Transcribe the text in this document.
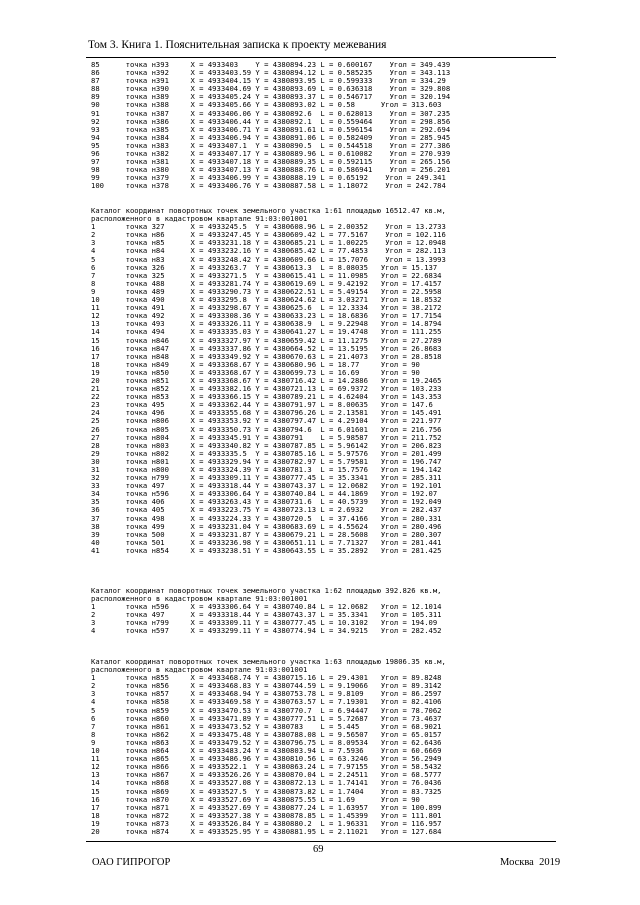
Том 3. Книга 1. Пояснительная записка к проекту межевания
85      точка н393     X = 4933403    Y = 4380894.23 L = 0.600167    Угол = 349.439
86      точка н392     X = 4933403.59 Y = 4380894.12 L = 0.585235    Угол = 343.113
87      точка н391     X = 4933404.15 Y = 4380893.95 L = 0.599333    Угол = 334.29
88      точка н390     X = 4933404.69 Y = 4380893.69 L = 0.636318    Угол = 329.808
89      точка н389     X = 4933405.24 Y = 4380893.37 L = 0.546717    Угол = 320.194
90      точка н388     X = 4933405.66 Y = 4380893.02 L = 0.58      Угол = 313.603
91      точка н387     X = 4933406.06 Y = 4380892.6  L = 0.628013    Угол = 307.235
92      точка н386     X = 4933406.44 Y = 4380892.1  L = 0.559464    Угол = 298.856
93      точка н385     X = 4933406.71 Y = 4380891.61 L = 0.596154    Угол = 292.694
94      точка н384     X = 4933406.94 Y = 4380891.06 L = 0.582409    Угол = 285.945
95      точка н383     X = 4933407.1  Y = 4380890.5  L = 0.544518    Угол = 277.386
96      точка н382     X = 4933407.17 Y = 4380889.96 L = 0.610082    Угол = 270.939
97      точка н381     X = 4933407.18 Y = 4380889.35 L = 0.592115    Угол = 265.156
98      точка н380     X = 4933407.13 Y = 4380888.76 L = 0.586941    Угол = 256.201
99      точка н379     X = 4933406.99 Y = 4380888.19 L = 0.65192    Угол = 249.341
100     точка н378     X = 4933406.76 Y = 4380887.58 L = 1.18072    Угол = 242.784
Каталог координат поворотных точек земельного участка 1:61 площадью 16512.47 кв.м,
расположенного в кадастровом квартале 91:03:001001
1       точка 327      X = 4933245.5  Y = 4380608.96 L = 2.00352    Угол = 13.2733
2       точка н86      X = 4933247.45 Y = 4380609.42 L = 77.5167    Угол = 102.116
3       точка н85      X = 4933231.18 Y = 4380685.21 L = 1.00225    Угол = 12.0948
4       точка н84      X = 4933232.16 Y = 4380685.42 L = 77.4853    Угол = 282.113
5       точка н83      X = 4933248.42 Y = 4380609.66 L = 15.7076    Угол = 13.3993
6       точка 326      X = 4933263.7  Y = 4380613.3  L = 8.08035   Угол = 15.137
7       точка 325      X = 4933271.5  Y = 4380615.41 L = 11.0985   Угол = 22.6834
8       точка 488      X = 4933281.74 Y = 4380619.69 L = 9.42192   Угол = 17.4157
9       точка 489      X = 4933290.73 Y = 4380622.51 L = 5.49154   Угол = 22.5958
10      точка 490      X = 4933295.8  Y = 4380624.62 L = 3.03271   Угол = 18.8532
11      точка 491      X = 4933298.67 Y = 4380625.6  L = 12.3334   Угол = 38.2172
12      точка 492      X = 4933308.36 Y = 4380633.23 L = 18.6836   Угол = 17.7154
13      точка 493      X = 4933326.11 Y = 4380638.9  L = 9.22948   Угол = 14.8794
14      точка 494      X = 4933335.03 Y = 4380641.27 L = 19.4748   Угол = 111.255
15      точка н846     X = 4933327.97 Y = 4380659.42 L = 11.1275   Угол = 27.2789
16      точка н847     X = 4933337.86 Y = 4380664.52 L = 13.5195   Угол = 26.8683
17      точка н848     X = 4933349.92 Y = 4380670.63 L = 21.4073   Угол = 28.8518
18      точка н849     X = 4933368.67 Y = 4380680.96 L = 18.77     Угол = 90
19      точка н850     X = 4933368.67 Y = 4380699.73 L = 16.69     Угол = 90
20      точка н851     X = 4933368.67 Y = 4380716.42 L = 14.2886   Угол = 19.2465
21      точка н852     X = 4933382.16 Y = 4380721.13 L = 69.9372   Угол = 103.233
22      точка н853     X = 4933366.15 Y = 4380789.21 L = 4.62404   Угол = 143.353
23      точка 495      X = 4933362.44 Y = 4380791.97 L = 8.00635   Угол = 147.6
24      точка 496      X = 4933355.68 Y = 4380796.26 L = 2.13581   Угол = 145.491
25      точка н806     X = 4933353.92 Y = 4380797.47 L = 4.29104   Угол = 221.977
26      точка н805     X = 4933350.73 Y = 4380794.6  L = 6.01601   Угол = 216.756
27      точка н804     X = 4933345.91 Y = 4380791    L = 5.98587   Угол = 211.752
28      точка н803     X = 4933340.82 Y = 4380787.85 L = 5.96142   Угол = 206.823
29      точка н802     X = 4933335.5  Y = 4380785.16 L = 5.97576   Угол = 201.499
30      точка н801     X = 4933329.94 Y = 4380782.97 L = 5.79581   Угол = 196.747
31      точка н800     X = 4933324.39 Y = 4380781.3  L = 15.7576   Угол = 194.142
32      точка н799     X = 4933309.11 Y = 4380777.45 L = 35.3341   Угол = 285.311
33      точка 497      X = 4933318.44 Y = 4380743.37 L = 12.0682   Угол = 192.101
34      точка н596     X = 4933306.64 Y = 4380740.84 L = 44.1869   Угол = 192.07
35      точка 406      X = 4933263.43 Y = 4380731.6  L = 40.5739   Угол = 192.049
36      точка 405      X = 4933223.75 Y = 4380723.13 L = 2.6932    Угол = 282.437
37      точка 498      X = 4933224.33 Y = 4380720.5  L = 37.4166   Угол = 280.331
38      точка 499      X = 4933231.04 Y = 4380683.69 L = 4.55624   Угол = 280.496
39      точка 500      X = 4933231.87 Y = 4380679.21 L = 28.5608   Угол = 280.307
40      точка 501      X = 4933236.98 Y = 4380651.11 L = 7.71327   Угол = 281.441
41      точка н854     X = 4933238.51 Y = 4380643.55 L = 35.2892   Угол = 281.425
Каталог координат поворотных точек земельного участка 1:62 площадью 392.826 кв.м,
расположенного в кадастровом квартале 91:03:001001
1       точка н596     X = 4933306.64 Y = 4380740.84 L = 12.0682   Угол = 12.1014
2       точка 497      X = 4933318.44 Y = 4380743.37 L = 35.3341   Угол = 105.311
3       точка н799     X = 4933309.11 Y = 4380777.45 L = 10.3102   Угол = 194.09
4       точка н597     X = 4933299.11 Y = 4380774.94 L = 34.9215   Угол = 282.452
Каталог координат поворотных точек земельного участка 1:63 площадью 19806.35 кв.м,
расположенного в кадастровом квартале 91:03:001001
1       точка н855     X = 4933468.74 Y = 4380715.16 L = 29.4301   Угол = 89.8248
2       точка н856     X = 4933468.83 Y = 4380744.59 L = 9.19066   Угол = 89.3142
3       точка н857     X = 4933468.94 Y = 4380753.78 L = 9.8109    Угол = 86.2597
4       точка н858     X = 4933469.58 Y = 4380763.57 L = 7.19301   Угол = 82.4106
5       точка н859     X = 4933470.53 Y = 4380770.7  L = 6.94447   Угол = 78.7062
6       точка н860     X = 4933471.89 Y = 4380777.51 L = 5.72687   Угол = 73.4637
7       точка н861     X = 4933473.52 Y = 4380783    L = 5.445     Угол = 68.9021
8       точка н862     X = 4933475.48 Y = 4380788.08 L = 9.56507   Угол = 65.0157
9       точка н863     X = 4933479.52 Y = 4380796.75 L = 8.09534   Угол = 62.6436
10      точка н864     X = 4933483.24 Y = 4380803.94 L = 7.5936    Угол = 60.6669
11      точка н865     X = 4933486.96 Y = 4380810.56 L = 63.3246   Угол = 56.2949
12      точка н866     X = 4933522.1  Y = 4380863.24 L = 7.97155   Угол = 58.5432
13      точка н867     X = 4933526.26 Y = 4380870.04 L = 2.24511   Угол = 68.5777
14      точка н868     X = 4933527.08 Y = 4380872.13 L = 1.74141   Угол = 76.0436
15      точка н869     X = 4933527.5  Y = 4380873.82 L = 1.7404    Угол = 83.7325
16      точка н870     X = 4933527.69 Y = 4380875.55 L = 1.69      Угол = 90
17      точка н871     X = 4933527.69 Y = 4380877.24 L = 1.63957   Угол = 100.899
18      точка н872     X = 4933527.38 Y = 4380878.85 L = 1.45399   Угол = 111.801
19      точка н873     X = 4933526.84 Y = 4380880.2  L = 1.96331   Угол = 116.957
20      точка н874     X = 4933525.95 Y = 4380881.95 L = 2.11021   Угол = 127.684
69
ОАО ГИПРОГОР	Москва  2019
